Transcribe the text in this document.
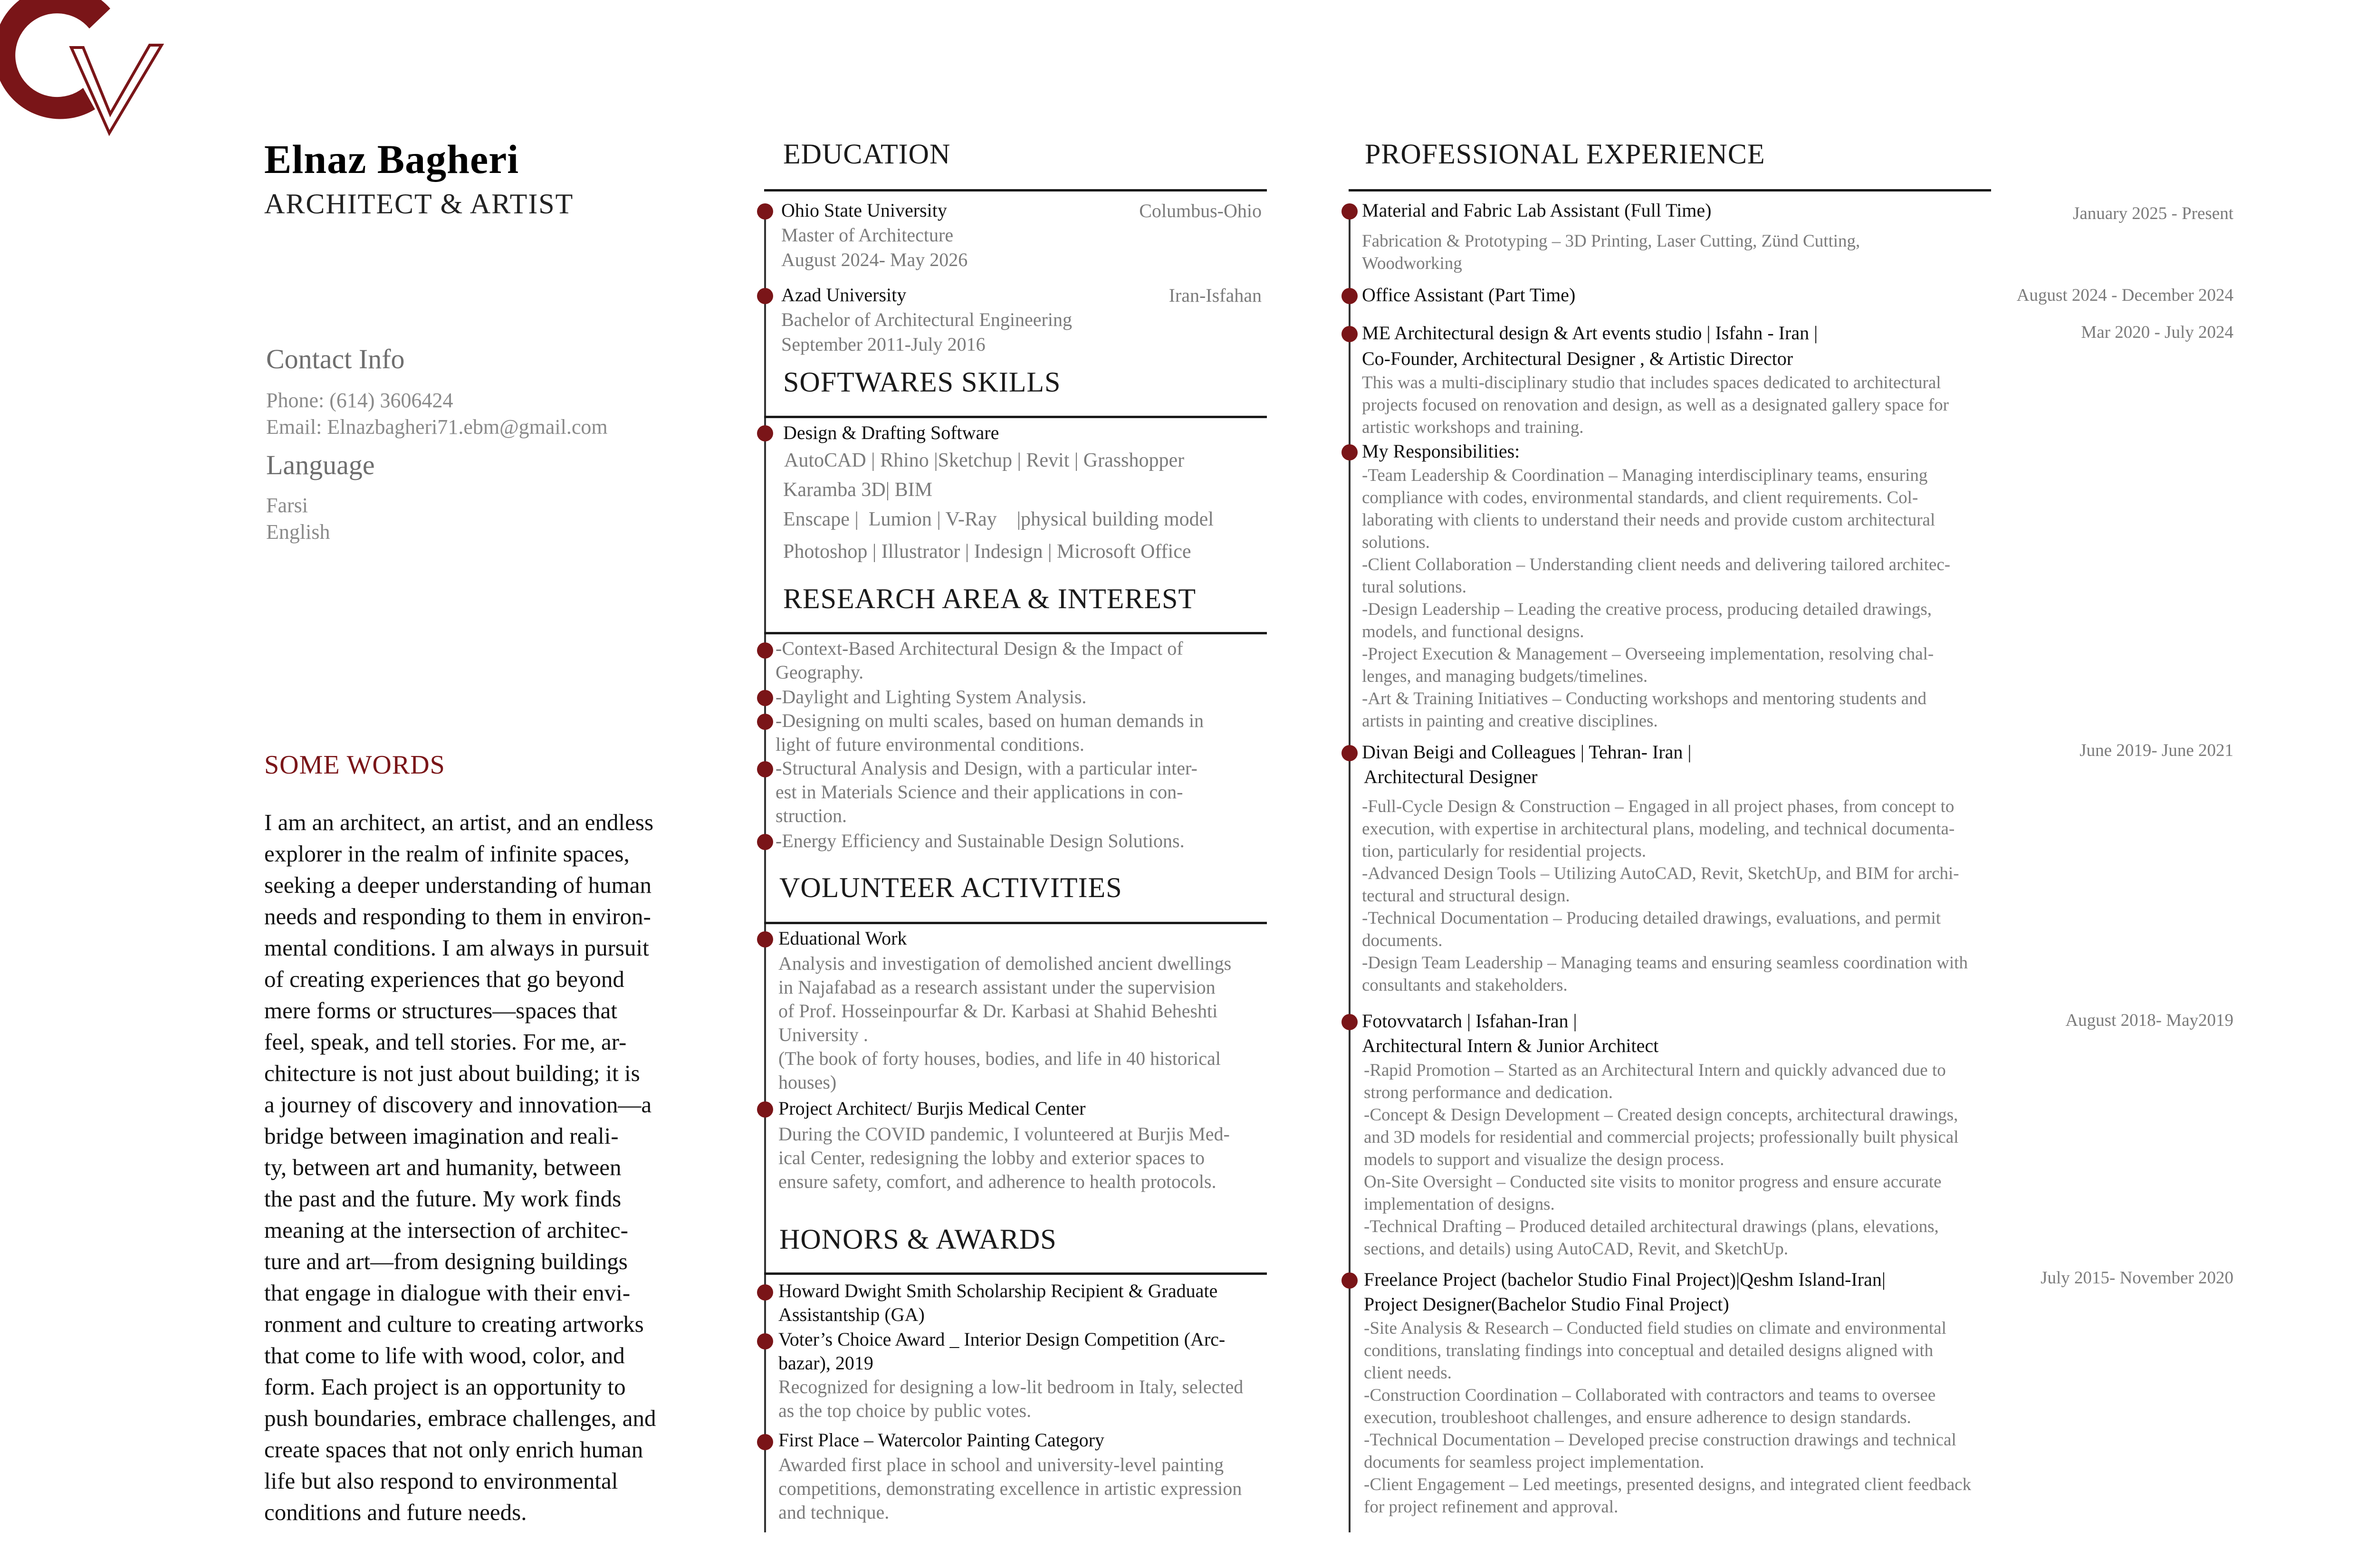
Elnaz Bagheri
ARCHITECT & ARTIST
Contact Info
Phone: (614) 3606424
Email: Elnazbagheri71.ebm@gmail.com
Language
Farsi
English
SOME WORDS

I am an architect, an artist, and an endless

explorer in the realm of infinite spaces,

seeking a deeper understanding of human

needs and responding to them in environ-

mental conditions. I am always in pursuit

of creating experiences that go beyond

mere forms or structures—spaces that

feel, speak, and tell stories. For me, ar-

chitecture is not just about building; it is

a journey of discovery and innovation—a

bridge between imagination and reali-

ty, between art and humanity, between

the past and the future. My work finds

meaning at the intersection of architec-

ture and art—from designing buildings

that engage in dialogue with their envi-

ronment and culture to creating artworks

that come to life with wood, color, and

form. Each project is an opportunity to

push boundaries, embrace challenges, and

create spaces that not only enrich human

life but also respond to environmental

conditions and future needs.

EDUCATION
Ohio State University	Columbus-Ohio
Master of Architecture
August 2024- May 2026
Azad University	Iran-Isfahan
Bachelor of Architectural Engineering
September 2011-July 2016
SOFTWARES SKILLS
Design & Drafting Software
AutoCAD | Rhino |Sketchup | Revit | Grasshopper
Karamba 3D| BIM
Enscape |  Lumion | V-Ray    |physical building model
Photoshop | Illustrator | Indesign | Microsoft Office
RESEARCH AREA & INTEREST
-Context-Based Architectural Design & the Impact of
Geography.
-Daylight and Lighting System Analysis.
-Designing on multi scales, based on human demands in
light of future environmental conditions.
-Structural Analysis and Design, with a particular inter-
est in Materials Science and their applications in con-
struction.
-Energy Efficiency and Sustainable Design Solutions.
VOLUNTEER ACTIVITIES
Eduational Work
Analysis and investigation of demolished ancient dwellings
in Najafabad as a research assistant under the supervision
of Prof. Hosseinpourfar & Dr. Karbasi at Shahid Beheshti
University .
(The book of forty houses, bodies, and life in 40 historical
houses)
Project Architect/ Burjis Medical Center
During the COVID pandemic, I volunteered at Burjis Med-
ical Center, redesigning the lobby and exterior spaces to
ensure safety, comfort, and adherence to health protocols.
HONORS & AWARDS
Howard Dwight Smith Scholarship Recipient & Graduate
Assistantship (GA)
Voter’s Choice Award _ Interior Design Competition (Arc-
bazar), 2019
Recognized for designing a low-lit bedroom in Italy, selected
as the top choice by public votes.
First Place – Watercolor Painting Category
Awarded first place in school and university-level painting
competitions, demonstrating excellence in artistic expression
and technique.
PROFESSIONAL EXPERIENCE
Material and Fabric Lab Assistant (Full Time)	January 2025 - Present
Fabrication & Prototyping – 3D Printing, Laser Cutting, Zünd Cutting,
Woodworking
Office Assistant (Part Time)	August 2024 - December 2024
ME Architectural design & Art events studio | Isfahn - Iran |	Mar 2020 - July 2024
Co-Founder, Architectural Designer , & Artistic Director
This was a multi-disciplinary studio that includes spaces dedicated to architectural
projects focused on renovation and design, as well as a designated gallery space for
artistic workshops and training.
My Responsibilities:
-Team Leadership & Coordination – Managing interdisciplinary teams, ensuring
compliance with codes, environmental standards, and client requirements. Col-
laborating with clients to understand their needs and provide custom architectural
solutions.
-Client Collaboration – Understanding client needs and delivering tailored architec-
tural solutions.
-Design Leadership – Leading the creative process, producing detailed drawings,
models, and functional designs.
-Project Execution & Management – Overseeing implementation, resolving chal-
lenges, and managing budgets/timelines.
-Art & Training Initiatives – Conducting workshops and mentoring students and
artists in painting and creative disciplines.
Divan Beigi and Colleagues | Tehran- Iran |	June 2019- June 2021
Architectural Designer
-Full-Cycle Design & Construction – Engaged in all project phases, from concept to
execution, with expertise in architectural plans, modeling, and technical documenta-
tion, particularly for residential projects.
-Advanced Design Tools – Utilizing AutoCAD, Revit, SketchUp, and BIM for archi-
tectural and structural design.
-Technical Documentation – Producing detailed drawings, evaluations, and permit
documents.
-Design Team Leadership – Managing teams and ensuring seamless coordination with
consultants and stakeholders.
Fotovvatarch | Isfahan-Iran |	August 2018- May2019
Architectural Intern & Junior Architect
-Rapid Promotion – Started as an Architectural Intern and quickly advanced due to
strong performance and dedication.
-Concept & Design Development – Created design concepts, architectural drawings,
and 3D models for residential and commercial projects; professionally built physical
models to support and visualize the design process.
On-Site Oversight – Conducted site visits to monitor progress and ensure accurate
implementation of designs.
-Technical Drafting – Produced detailed architectural drawings (plans, elevations,
sections, and details) using AutoCAD, Revit, and SketchUp.
Freelance Project (bachelor Studio Final Project)|Qeshm Island-Iran|	July 2015- November 2020
Project Designer(Bachelor Studio Final Project)
-Site Analysis & Research – Conducted field studies on climate and environmental
conditions, translating findings into conceptual and detailed designs aligned with
client needs.
-Construction Coordination – Collaborated with contractors and teams to oversee
execution, troubleshoot challenges, and ensure adherence to design standards.
-Technical Documentation – Developed precise construction drawings and technical
documents for seamless project implementation.
-Client Engagement – Led meetings, presented designs, and integrated client feedback
for project refinement and approval.
